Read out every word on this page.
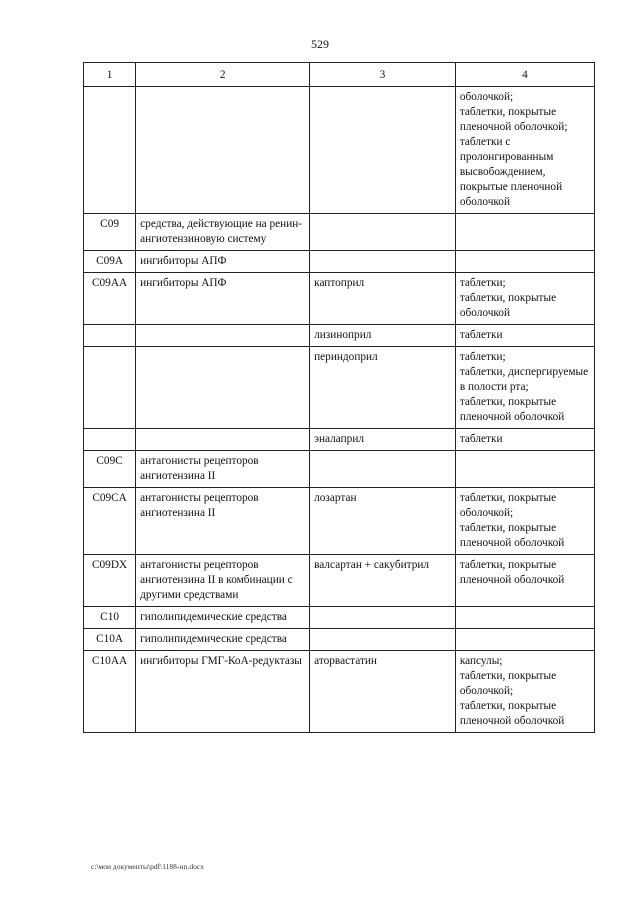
529
1	2	3	4
			оболочкой;
таблетки, покрытые пленочной оболочкой;
таблетки с пролонгированным высвобождением, покрытые пленочной оболочкой
C09	средства, действующие на ренин-ангиотензиновую систему		
C09A	ингибиторы АПФ		
C09AA	ингибиторы АПФ	каптоприл	таблетки;
таблетки, покрытые оболочкой
		лизиноприл	таблетки
		периндоприл	таблетки;
таблетки, диспергируемые в полости рта;
таблетки, покрытые пленочной оболочкой
		эналаприл	таблетки
C09C	антагонисты рецепторов ангиотензина II		
C09CA	антагонисты рецепторов ангиотензина II	лозартан	таблетки, покрытые оболочкой;
таблетки, покрытые пленочной оболочкой
C09DX	антагонисты рецепторов ангиотензина II в комбинации с другими средствами	валсартан + сакубитрил	таблетки, покрытые пленочной оболочкой
C10	гиполипидемические средства		
C10A	гиполипидемические средства		
C10AA	ингибиторы ГМГ-КоА-редуктазы	аторвастатин	капсулы;
таблетки, покрытые оболочкой;
таблетки, покрытые пленочной оболочкой
c:\мои документы\pdf\1188-нп.docx
